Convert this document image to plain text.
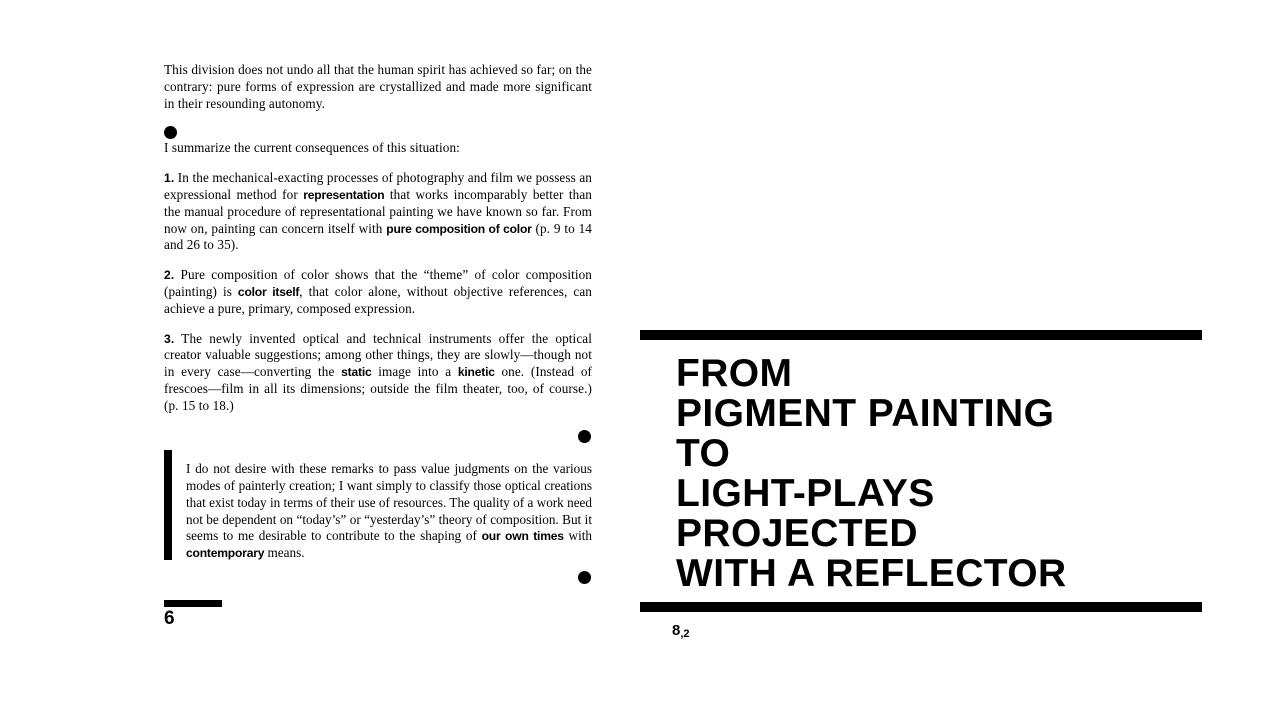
This division does not undo all that the human spirit has achieved so far; on the contrary: pure forms of expression are crystallized and made more significant in their resounding autonomy.

I summarize the current consequences of this situation:

1. In the mechanical-exacting processes of photography and film we possess an expressional method for representation that works incomparably better than the manual procedure of representational painting we have known so far. From now on, painting can concern itself with pure composition of color (p. 9 to 14 and 26 to 35).

2. Pure composition of color shows that the “theme” of color composition (painting) is color itself, that color alone, without objective references, can achieve a pure, primary, composed expression.

3. The newly invented optical and technical instruments offer the optical creator valuable suggestions; among other things, they are slowly—though not in every case—converting the static image into a kinetic one. (Instead of frescoes—film in all its dimensions; outside the film theater, too, of course.) (p. 15 to 18.)

I do not desire with these remarks to pass value judgments on the various modes of painterly creation; I want simply to classify those optical creations that exist today in terms of their use of resources. The quality of a work need not be dependent on “today’s” or “yesterday’s” theory of composition. But it seems to me desirable to contribute to the shaping of our own times with contemporary means.

6
FROM
PIGMENT PAINTING
TO
LIGHT-PLAYS
PROJECTED
WITH A REFLECTOR
8,2
